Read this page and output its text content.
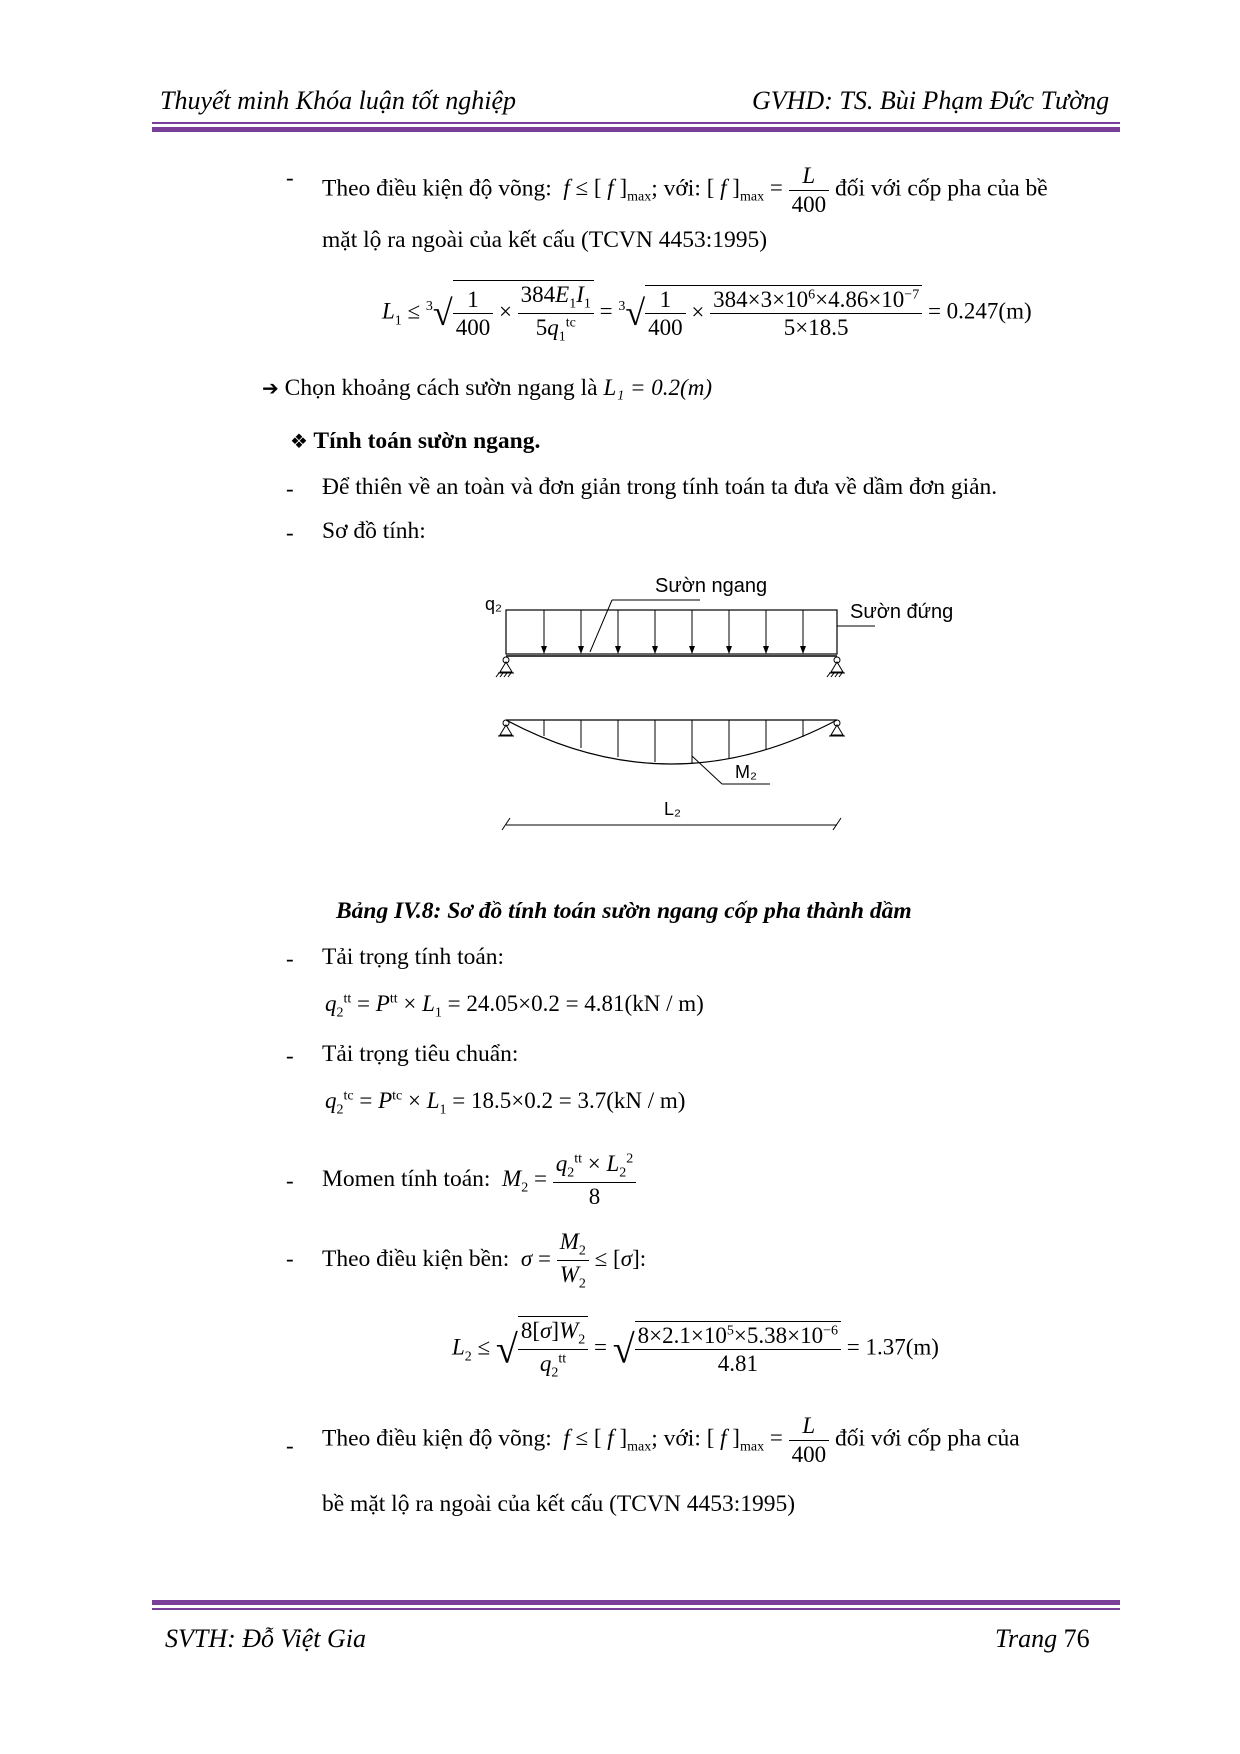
Thuyết minh Khóa luận tốt nghiệp	GVHD: TS. Bùi Phạm Đức Tường
- Theo điều kiện độ võng: f ≤ [ f ]$_{max}$; với: [ f ]$_{max} = \frac{L}{400}$ đối với cốp pha của bề
mặt lộ ra ngoài của kết cấu (TCVN 4453:1995)
$L_1 \le ^3√ \frac{1}{400} \times \frac{384E_1I_1}{5q_1^{tc}} = ^3√ \frac{1}{400} \times \frac{384\times 3\times 10^6\times 4.86\times 10^{-7}}{5\times 18.5} = 0.247(m)$
➔ Chọn khoảng cách sườn ngang là L₁ = 0.2(m)
❖ Tính toán sườn ngang.
- Để thiên về an toàn và đơn giản trong tính toán ta đưa về dầm đơn giản.
- Sơ đồ tính:
q₂
Sườn ngang
Sườn đứng
M₂
L₂
Bảng IV.8: Sơ đồ tính toán sườn ngang cốp pha thành dầm
- Tải trọng tính toán:
$q_2^{tt} = P^{tt} \times L_1 = 24.05\times 0.2 = 4.81(kN / m)$
- Tải trọng tiêu chuẩn:
$q_2^{tc} = P^{tc} \times L_1 = 18.5\times 0.2 = 3.7(kN / m)$
- Momen tính toán: $M_2 = \frac{q_2^{tt} \times L_2^2}{8}$
- Theo điều kiện bền: $\sigma = \frac{M_2}{W_2} \le [\sigma]$:
$L_2$ ≤ √ $\frac{8[\sigma]W_2}{q_2^{tt}}$ = √ $\frac{8\times 2.1\times 10^5\times 5.38\times 10^{-6}}{4.81} = 1.37(m)$
- Theo điều kiện độ võng: f ≤ [ f ]$_{max}$; với: [ f ]$_{max} = \frac{L}{400}$ đối với cốp pha của
bề mặt lộ ra ngoài của kết cấu (TCVN 4453:1995)
SVTH: Đỗ Việt Gia	Trang 76
